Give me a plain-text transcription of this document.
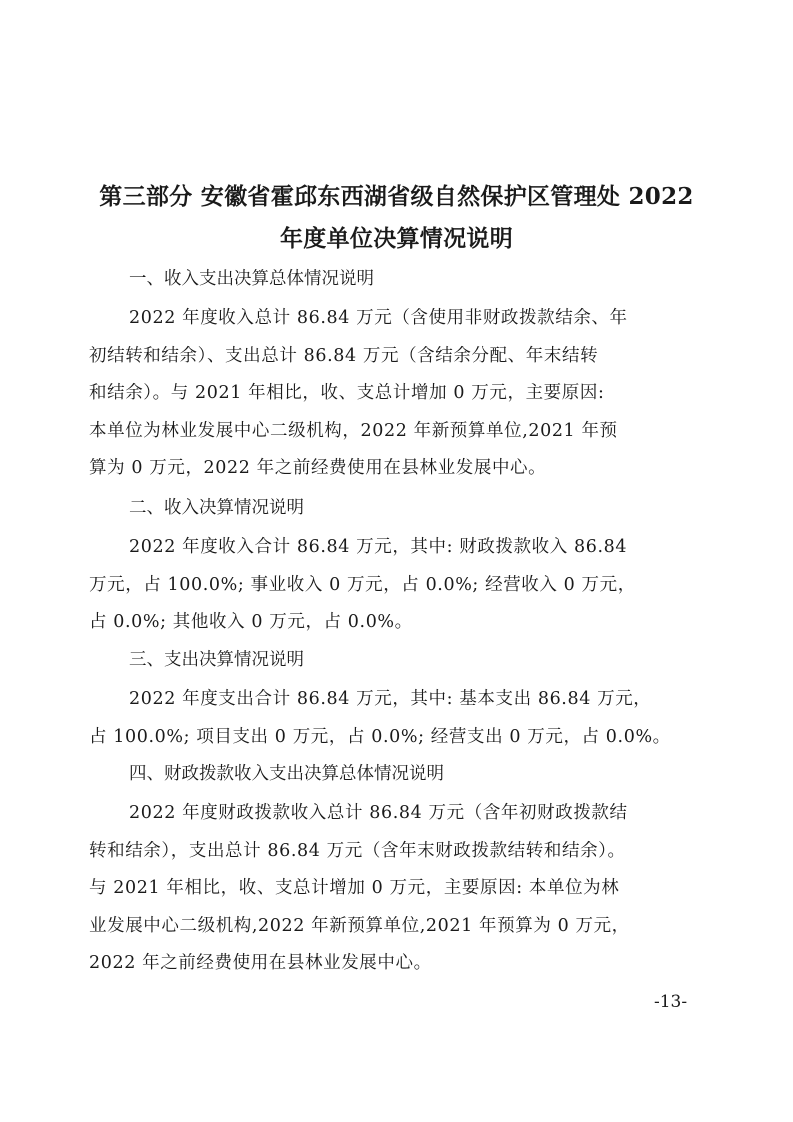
第三部分 安徽省霍邱东西湖省级自然保护区管理处 2022
年度单位决算情况说明
一、收入支出决算总体情况说明
2022 年度收入总计 86.84 万元（含使用非财政拨款结余、年
初结转和结余）、支出总计 86.84 万元（含结余分配、年末结转
和结余）。与 2021 年相比，收、支总计增加 0 万元，主要原因:
本单位为林业发展中心二级机构，2022 年新预算单位,2021 年预
算为 0 万元，2022 年之前经费使用在县林业发展中心。
二、收入决算情况说明
2022 年度收入合计 86.84 万元，其中: 财政拨款收入 86.84
万元，占 100.0%; 事业收入 0 万元，占 0.0%; 经营收入 0 万元，
占 0.0%; 其他收入 0 万元，占 0.0%。
三、支出决算情况说明
2022 年度支出合计 86.84 万元，其中: 基本支出 86.84 万元，
占 100.0%; 项目支出 0 万元，占 0.0%; 经营支出 0 万元，占 0.0%。
四、财政拨款收入支出决算总体情况说明
2022 年度财政拨款收入总计 86.84 万元（含年初财政拨款结
转和结余），支出总计 86.84 万元（含年末财政拨款结转和结余）。
与 2021 年相比，收、支总计增加 0 万元，主要原因: 本单位为林
业发展中心二级机构,2022 年新预算单位,2021 年预算为 0 万元，
2022 年之前经费使用在县林业发展中心。
-13-
